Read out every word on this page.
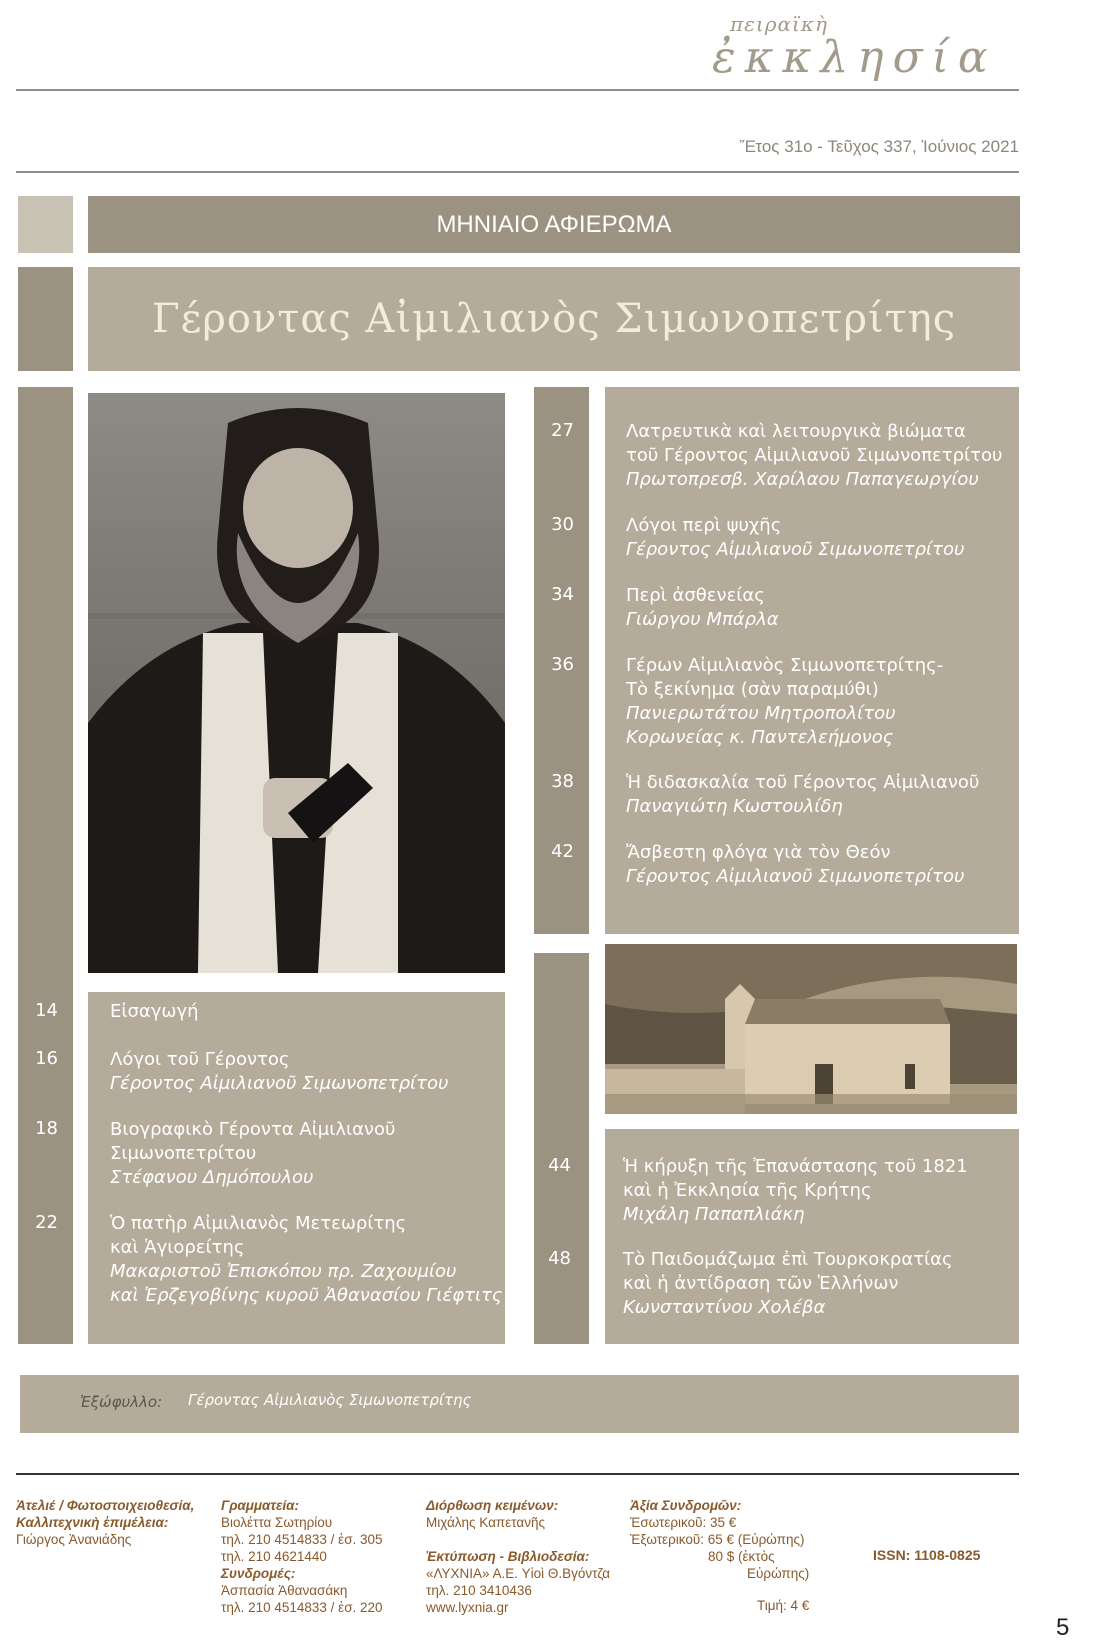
πειραϊκὴ
ἐκκλησία
Ἔτος 31ο - Τεῦχος 337, Ἰούνιος 2021
ΜΗΝΙΑΙΟ ΑΦΙΕΡΩΜΑ
Γέροντας Αἰμιλιανὸς Σιμωνοπετρίτης
14	Εἰσαγωγή
16	Λόγοι τοῦ Γέροντος
Γέροντος Αἰμιλιανοῦ Σιμωνοπετρίτου
18	Βιογραφικὸ Γέροντα Αἰμιλιανοῦ
Σιμωνοπετρίτου
Στέφανου Δημόπουλου
22	Ὁ πατὴρ Αἰμιλιανὸς Μετεωρίτης
καὶ Ἁγιορείτης
Μακαριστοῦ Ἐπισκόπου πρ. Ζαχουμίου
καὶ Ἑρζεγοβίνης κυροῦ Ἀθανασίου Γιέφτιτς
27	Λατρευτικὰ καὶ λειτουργικὰ βιώματα
τοῦ Γέροντος Αἰμιλιανοῦ Σιμωνοπετρίτου
Πρωτοπρεσβ. Χαρίλαου Παπαγεωργίου
30	Λόγοι περὶ ψυχῆς
Γέροντος Αἰμιλιανοῦ Σιμωνοπετρίτου
34	Περὶ ἀσθενείας
Γιώργου Μπάρλα
36	Γέρων Αἰμιλιανὸς Σιμωνοπετρίτης-
Τὸ ξεκίνημα (σὰν παραμύθι)
Πανιερωτάτου Μητροπολίτου
Κορωνείας κ. Παντελεήμονος
38	Ἡ διδασκαλία τοῦ Γέροντος Αἰμιλιανοῦ
Παναγιώτη Κωστουλίδη
42	Ἄσβεστη φλόγα γιὰ τὸν Θεόν
Γέροντος Αἰμιλιανοῦ Σιμωνοπετρίτου
44	Ἡ κήρυξη τῆς Ἐπανάστασης τοῦ 1821
καὶ ἡ Ἐκκλησία τῆς Κρήτης
Μιχάλη Παπαπλιάκη
48	Τὸ Παιδομάζωμα ἐπὶ Τουρκοκρατίας
καὶ ἡ ἀντίδραση τῶν Ἑλλήνων
Κωνσταντίνου Χολέβα
Ἐξώφυλλο: Γέροντας Αἰμιλιανὸς Σιμωνοπετρίτης
Ἀτελιέ / Φωτοστοιχειοθεσία,
Καλλιτεχνικὴ ἐπιμέλεια:
Γιώργος Ἀνανιάδης
Γραμματεία:
Βιολέττα Σωτηρίου
τηλ. 210 4514833 / ἐσ. 305
τηλ. 210 4621440
Συνδρομές:
Ἀσπασία Ἀθανασάκη
τηλ. 210 4514833 / ἐσ. 220
Διόρθωση κειμένων:
Μιχάλης Καπετανῆς
Ἐκτύπωση - Βιβλιοδεσία:
«ΛΥΧΝΙΑ» Α.Ε. Υἱοὶ Θ.Βγόντζα
τηλ. 210 3410436
www.lyxnia.gr
Ἀξία Συνδρομῶν:
Ἐσωτερικοῦ: 35 €
Ἐξωτερικοῦ: 65 € (Εὐρώπης)
80 $ (ἐκτὸς
Εὐρώπης)
ISSN: 1108-0825
Τιμή: 4 €
5
